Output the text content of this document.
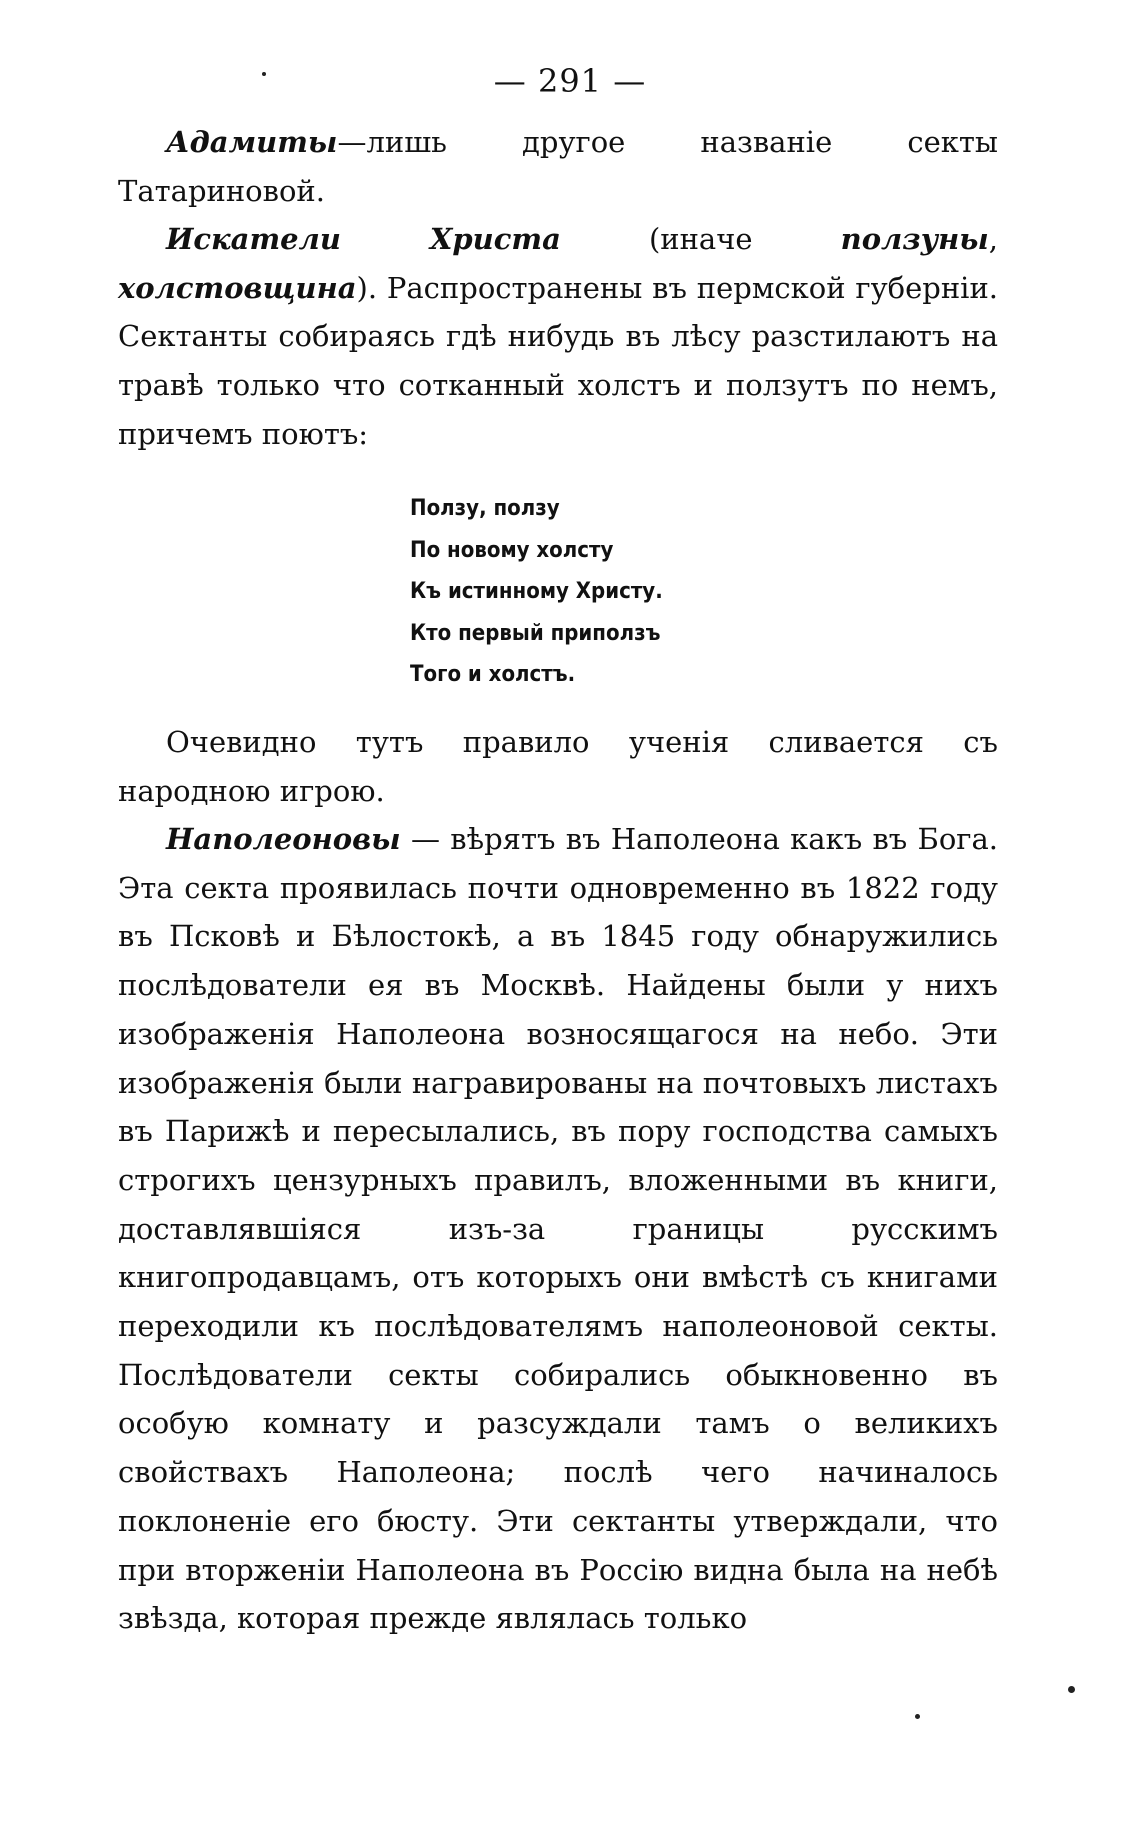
— 291 —

Адамиты—лишь другое названіе секты Татариновой.

Искатели Христа (иначе ползуны, холстовщина). Распространены въ пермской губерніи. Сектанты собираясь гдѣ нибудь въ лѣсу разстилаютъ на травѣ только что сотканный холстъ и ползутъ по немъ, причемъ поютъ:

Ползу, ползу
По новому холсту
Къ истинному Христу.
Кто первый приползъ
Того и холстъ.

Очевидно тутъ правило ученія сливается съ народною игрою.

Наполеоновы — вѣрятъ въ Наполеона какъ въ Бога. Эта секта проявилась почти одновременно въ 1822 году въ Псковѣ и Бѣлостокѣ, а въ 1845 году обнаружились послѣдователи ея въ Москвѣ. Найдены были у нихъ изображенія Наполеона возносящагося на небо. Эти изображенія были награвированы на почтовыхъ листахъ въ Парижѣ и пересылались, въ пору господства самыхъ строгихъ цензурныхъ правилъ, вложенными въ книги, доставлявшіяся изъ-за границы русскимъ книгопродавцамъ, отъ которыхъ они вмѣстѣ съ книгами переходили къ послѣдователямъ наполеоновой секты. Послѣдователи секты собирались обыкновенно въ особую комнату и разсуждали тамъ о великихъ свойствахъ Наполеона; послѣ чего начиналось поклоненіе его бюсту. Эти сектанты утверждали, что при вторженіи Наполеона въ Россію видна была на небѣ звѣзда, которая прежде являлась только
